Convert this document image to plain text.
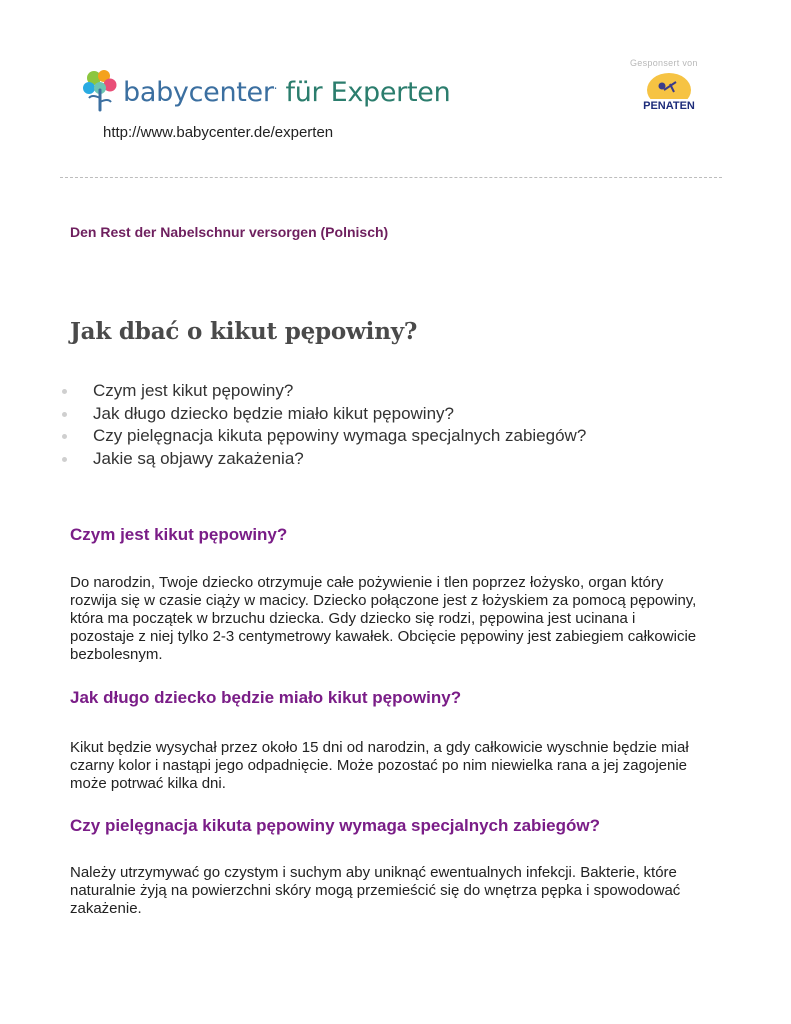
babycenter. für Experten
http://www.babycenter.de/experten
Gesponsert von
PENATEN
Den Rest der Nabelschnur versorgen (Polnisch)
Jak dbać o kikut pępowiny?
Czym jest kikut pępowiny?
Jak długo dziecko będzie miało kikut pępowiny?
Czy pielęgnacja kikuta pępowiny wymaga specjalnych zabiegów?
Jakie są objawy zakażenia?
Czym jest kikut pępowiny?
Do narodzin, Twoje dziecko otrzymuje całe pożywienie i tlen poprzez łożysko, organ który
rozwija się w czasie ciąży w macicy. Dziecko połączone jest z łożyskiem za pomocą pępowiny,
która ma początek w brzuchu dziecka. Gdy dziecko się rodzi, pępowina jest ucinana i
pozostaje z niej tylko 2-3 centymetrowy kawałek. Obcięcie pępowiny jest zabiegiem całkowicie
bezbolesnym.
Jak długo dziecko będzie miało kikut pępowiny?
Kikut będzie wysychał przez około 15 dni od narodzin, a gdy całkowicie wyschnie będzie miał
czarny kolor i nastąpi jego odpadnięcie. Może pozostać po nim niewielka rana a jej zagojenie
może potrwać kilka dni.
Czy pielęgnacja kikuta pępowiny wymaga specjalnych zabiegów?
Należy utrzymywać go czystym i suchym aby uniknąć ewentualnych infekcji. Bakterie, które
naturalnie żyją na powierzchni skóry mogą przemieścić się do wnętrza pępka i spowodować
zakażenie.
